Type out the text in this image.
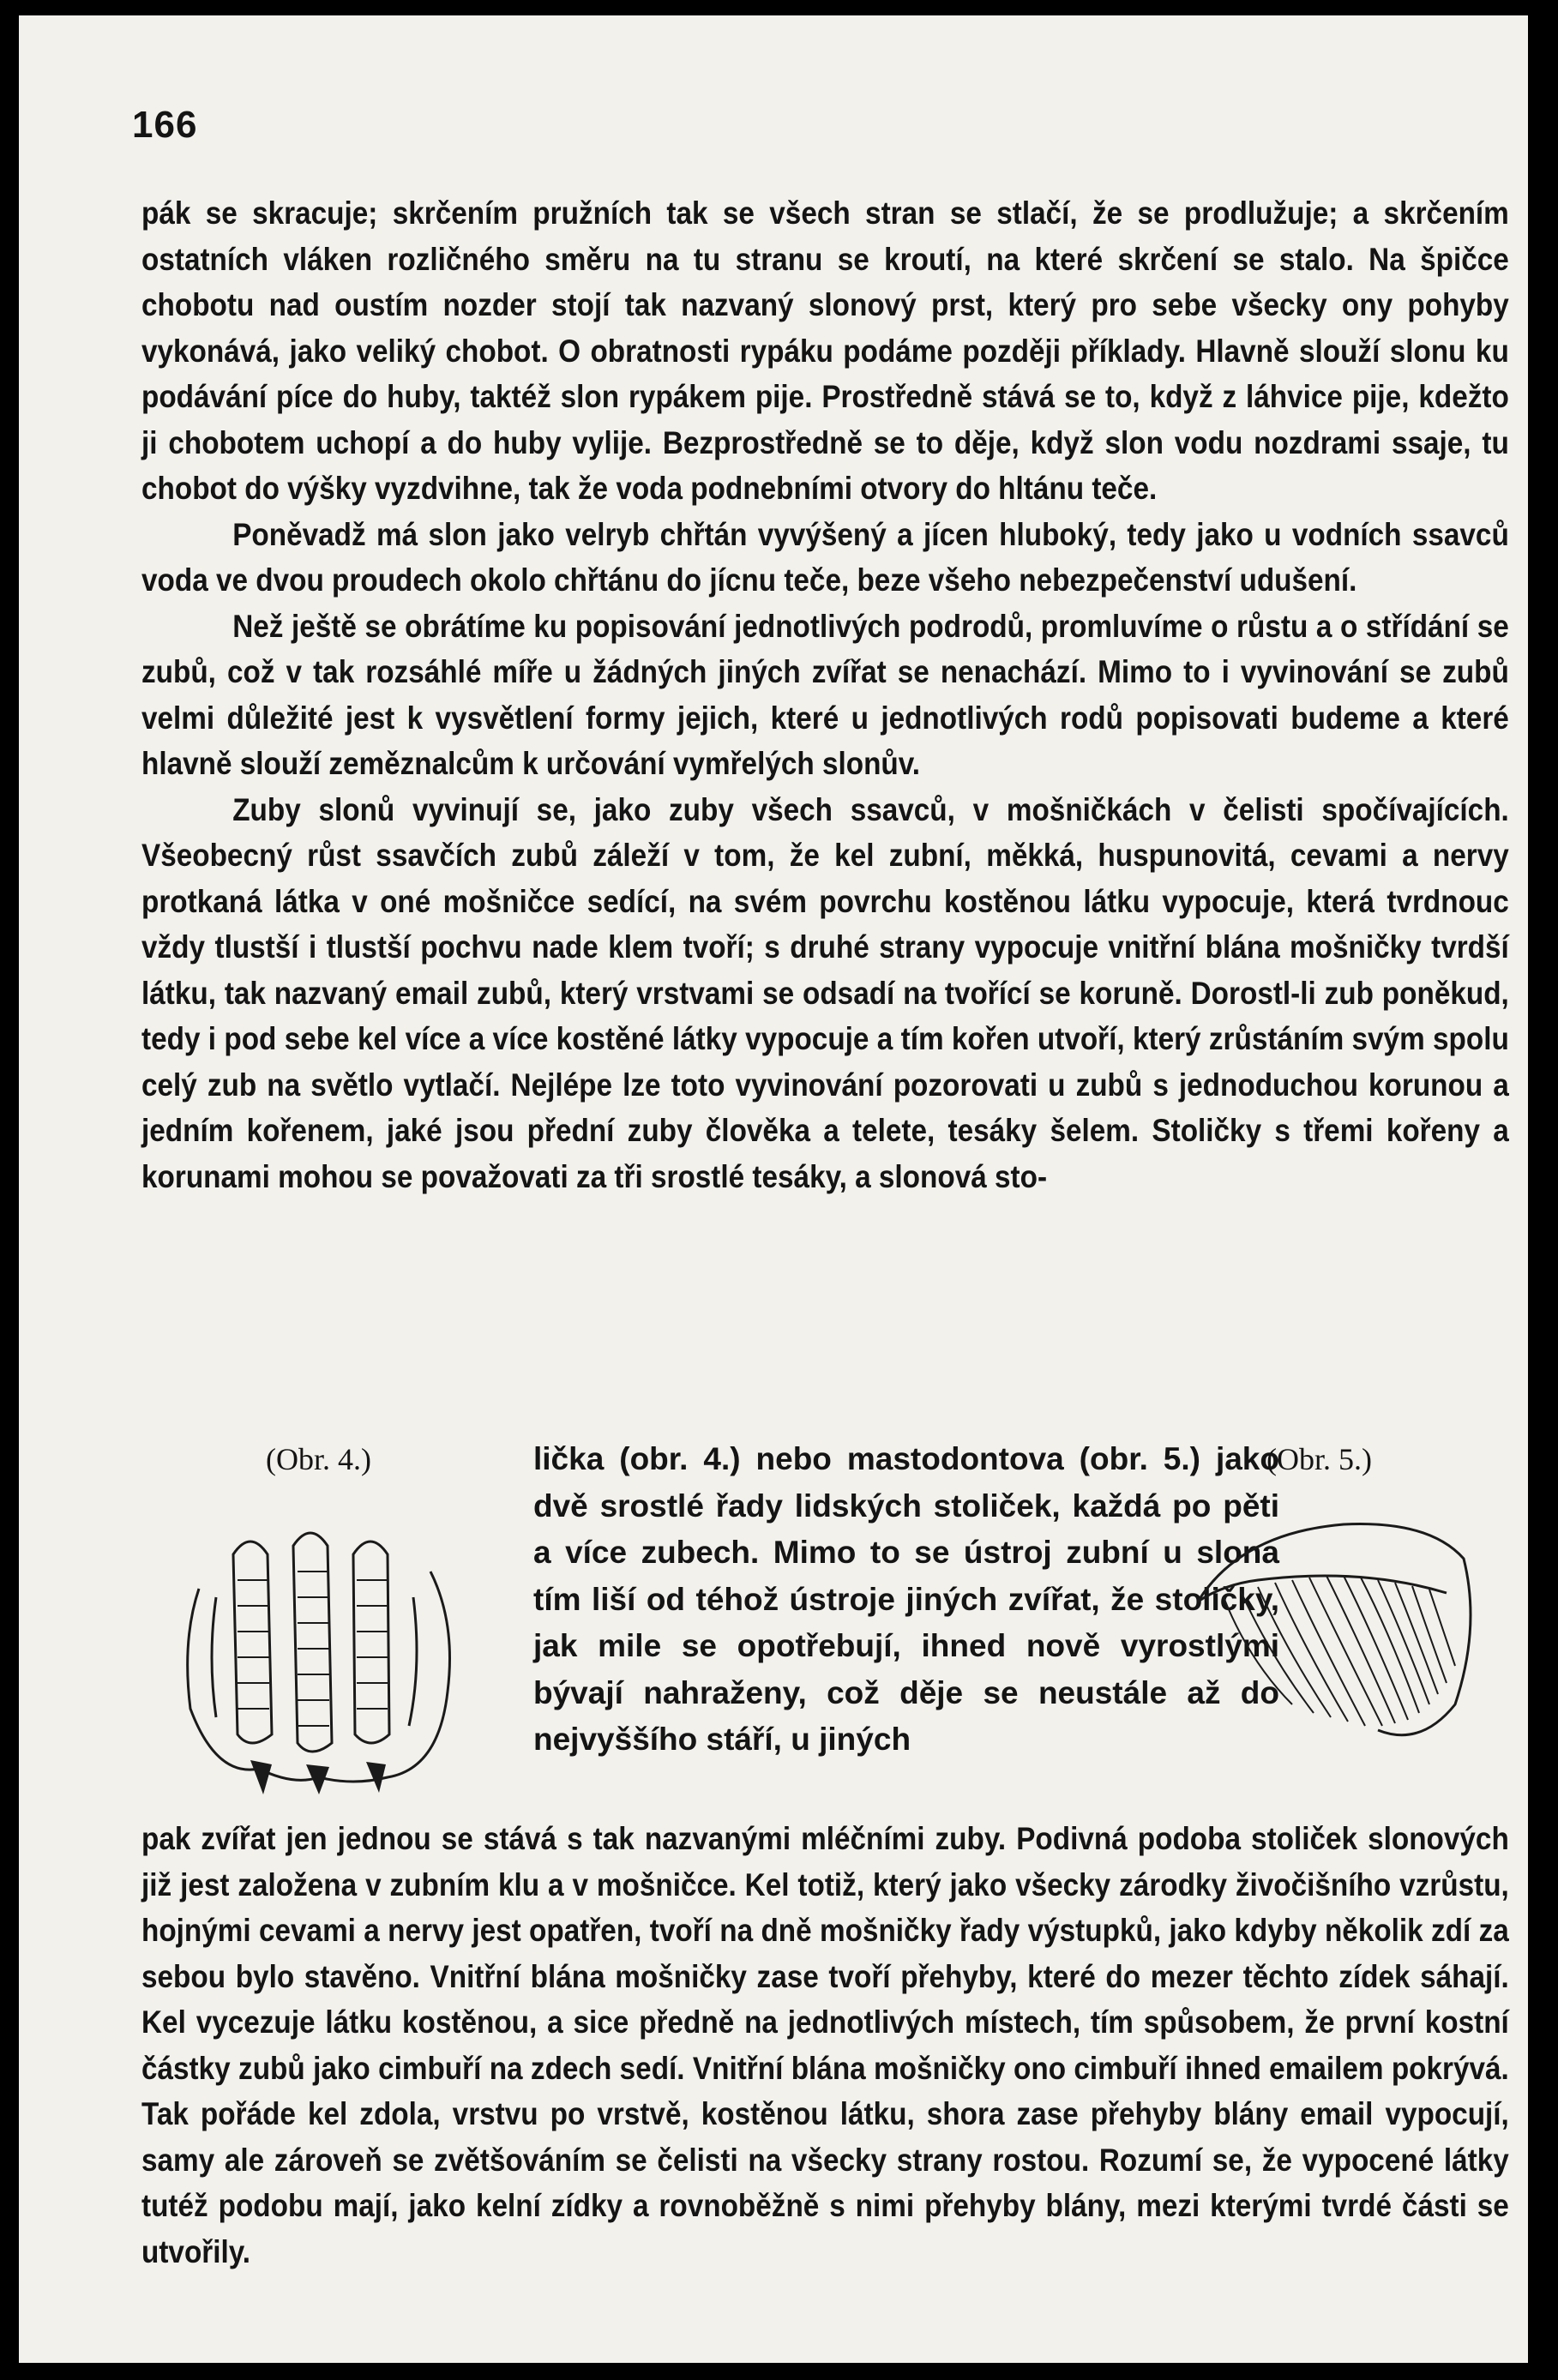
166

pák se skracuje; skrčením pružních tak se všech stran se stlačí, že se prodlužuje; a skrčením ostatních vláken rozličného směru na tu stranu se kroutí, na které skrčení se stalo. Na špičce chobotu nad oustím nozder stojí tak nazvaný slonový prst, který pro sebe všecky ony pohyby vykonává, jako veliký chobot. O obratnosti rypáku podáme později příklady. Hlavně slouží slonu ku podávání píce do huby, taktéž slon rypákem pije. Prostředně stává se to, když z láhvice pije, kdežto ji chobotem uchopí a do huby vylije. Bezprostředně se to děje, když slon vodu nozdrami ssaje, tu chobot do výšky vyzdvihne, tak že voda podnebními otvory do hltánu teče.

Poněvadž má slon jako velryb chřtán vyvýšený a jícen hluboký, tedy jako u vodních ssavců voda ve dvou proudech okolo chřtánu do jícnu teče, beze všeho nebezpečenství udušení.

Než ještě se obrátíme ku popisování jednotlivých podrodů, promluvíme o růstu a o střídání se zubů, což v tak rozsáhlé míře u žádných jiných zvířat se nenachází. Mimo to i vyvinování se zubů velmi důležité jest k vysvětlení formy jejich, které u jednotlivých rodů popisovati budeme a které hlavně slouží zeměznalcům k určování vymřelých slonův.

Zuby slonů vyvinují se, jako zuby všech ssavců, v mošničkách v čelisti spočívajících. Všeobecný růst ssavčích zubů záleží v tom, že kel zubní, měkká, huspunovitá, cevami a nervy protkaná látka v oné mošničce sedící, na svém povrchu kostěnou látku vypocuje, která tvrdnouc vždy tlustší i tlustší pochvu nade klem tvoří; s druhé strany vypocuje vnitřní blána mošničky tvrdší látku, tak nazvaný email zubů, který vrstvami se odsadí na tvořící se koruně. Dorostl-li zub poněkud, tedy i pod sebe kel více a více kostěné látky vypocuje a tím kořen utvoří, který zrůstáním svým spolu celý zub na světlo vytlačí. Nejlépe lze toto vyvinování pozorovati u zubů s jednoduchou korunou a jedním kořenem, jaké jsou přední zuby člověka a telete, tesáky šelem. Stoličky s třemi kořeny a korunami mohou se považovati za tři srostlé tesáky, a slonová sto-

(Obr. 4.)	(Obr. 5.)

lička (obr. 4.) nebo mastodontova (obr. 5.) jako dvě srostlé řady lidských stoliček, každá po pěti a více zubech. Mimo to se ústroj zubní u slona tím liší od téhož ústroje jiných zvířat, že stoličky, jak mile se opotřebují, ihned nově vyrostlými bývají nahraženy, což děje se neustále až do nejvyššího stáří, u jiných

pak zvířat jen jednou se stává s tak nazvanými mléčními zuby. Podivná podoba stoliček slonových již jest založena v zubním klu a v mošničce. Kel totiž, který jako všecky zárodky živočišního vzrůstu, hojnými cevami a nervy jest opatřen, tvoří na dně mošničky řady výstupků, jako kdyby několik zdí za sebou bylo stavěno. Vnitřní blána mošničky zase tvoří přehyby, které do mezer těchto zídek sáhají. Kel vycezuje látku kostěnou, a sice předně na jednotlivých místech, tím spůsobem, že první kostní částky zubů jako cimbuří na zdech sedí. Vnitřní blána mošničky ono cimbuří ihned emailem pokrývá. Tak pořáde kel zdola, vrstvu po vrstvě, kostěnou látku, shora zase přehyby blány email vypocují, samy ale zároveň se zvětšováním se čelisti na všecky strany rostou. Rozumí se, že vypocené látky tutéž podobu mají, jako kelní zídky a rovnoběžně s nimi přehyby blány, mezi kterými tvrdé části se utvořily.
